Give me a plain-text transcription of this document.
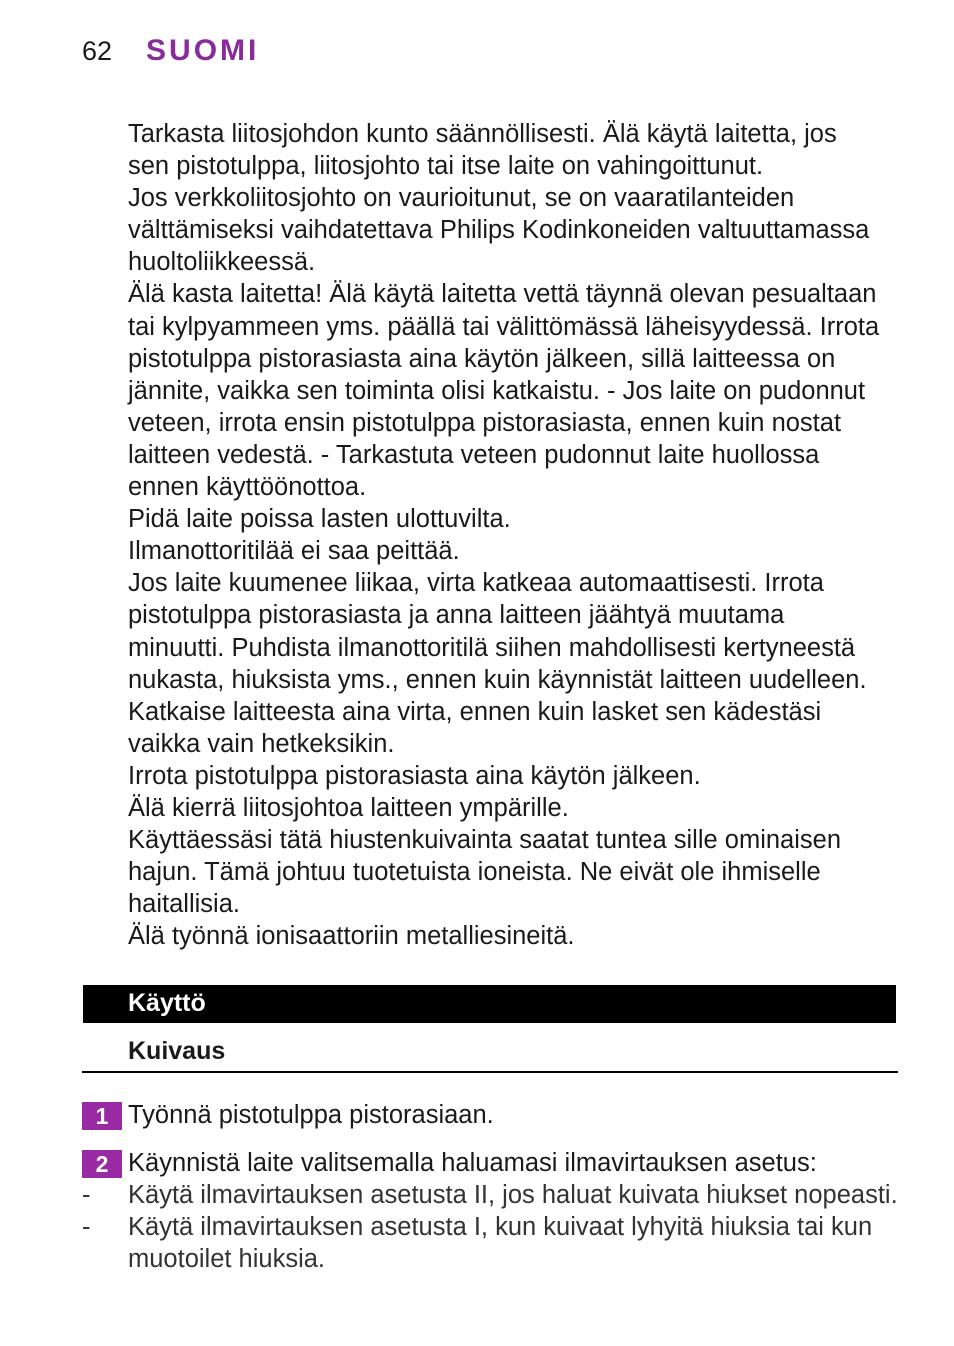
62 SUOMI

Tarkasta liitosjohdon kunto säännöllisesti. Älä käytä laitetta, jos
sen pistotulppa, liitosjohto tai itse laite on vahingoittunut.

Jos verkkoliitosjohto on vaurioitunut, se on vaaratilanteiden
välttämiseksi vaihdatettava Philips Kodinkoneiden valtuuttamassa
huoltoliikkeessä.

Älä kasta laitetta! Älä käytä laitetta vettä täynnä olevan pesualtaan
tai kylpyammeen yms. päällä tai välittömässä läheisyydessä. Irrota
pistotulppa pistorasiasta aina käytön jälkeen, sillä laitteessa on
jännite, vaikka sen toiminta olisi katkaistu. - Jos laite on pudonnut
veteen, irrota ensin pistotulppa pistorasiasta, ennen kuin nostat
laitteen vedestä. - Tarkastuta veteen pudonnut laite huollossa
ennen käyttöönottoa.

Pidä laite poissa lasten ulottuvilta.

Ilmanottoritilää ei saa peittää.

Jos laite kuumenee liikaa, virta katkeaa automaattisesti. Irrota
pistotulppa pistorasiasta ja anna laitteen jäähtyä muutama
minuutti. Puhdista ilmanottoritilä siihen mahdollisesti kertyneestä
nukasta, hiuksista yms., ennen kuin käynnistät laitteen uudelleen.

Katkaise laitteesta aina virta, ennen kuin lasket sen kädestäsi
vaikka vain hetkeksikin.

Irrota pistotulppa pistorasiasta aina käytön jälkeen.

Älä kierrä liitosjohtoa laitteen ympärille.

Käyttäessäsi tätä hiustenkuivainta saatat tuntea sille ominaisen
hajun. Tämä johtuu tuotetuista ioneista. Ne eivät ole ihmiselle
haitallisia.

Älä työnnä ionisaattoriin metalliesineitä.

Käyttö
Kuivaus
1 Työnnä pistotulppa pistorasiaan.
2 Käynnistä laite valitsemalla haluamasi ilmavirtauksen asetus:
-	Käytä ilmavirtauksen asetusta II, jos haluat kuivata hiukset nopeasti.
-	Käytä ilmavirtauksen asetusta I, kun kuivaat lyhyitä hiuksia tai kun
muotoilet hiuksia.
